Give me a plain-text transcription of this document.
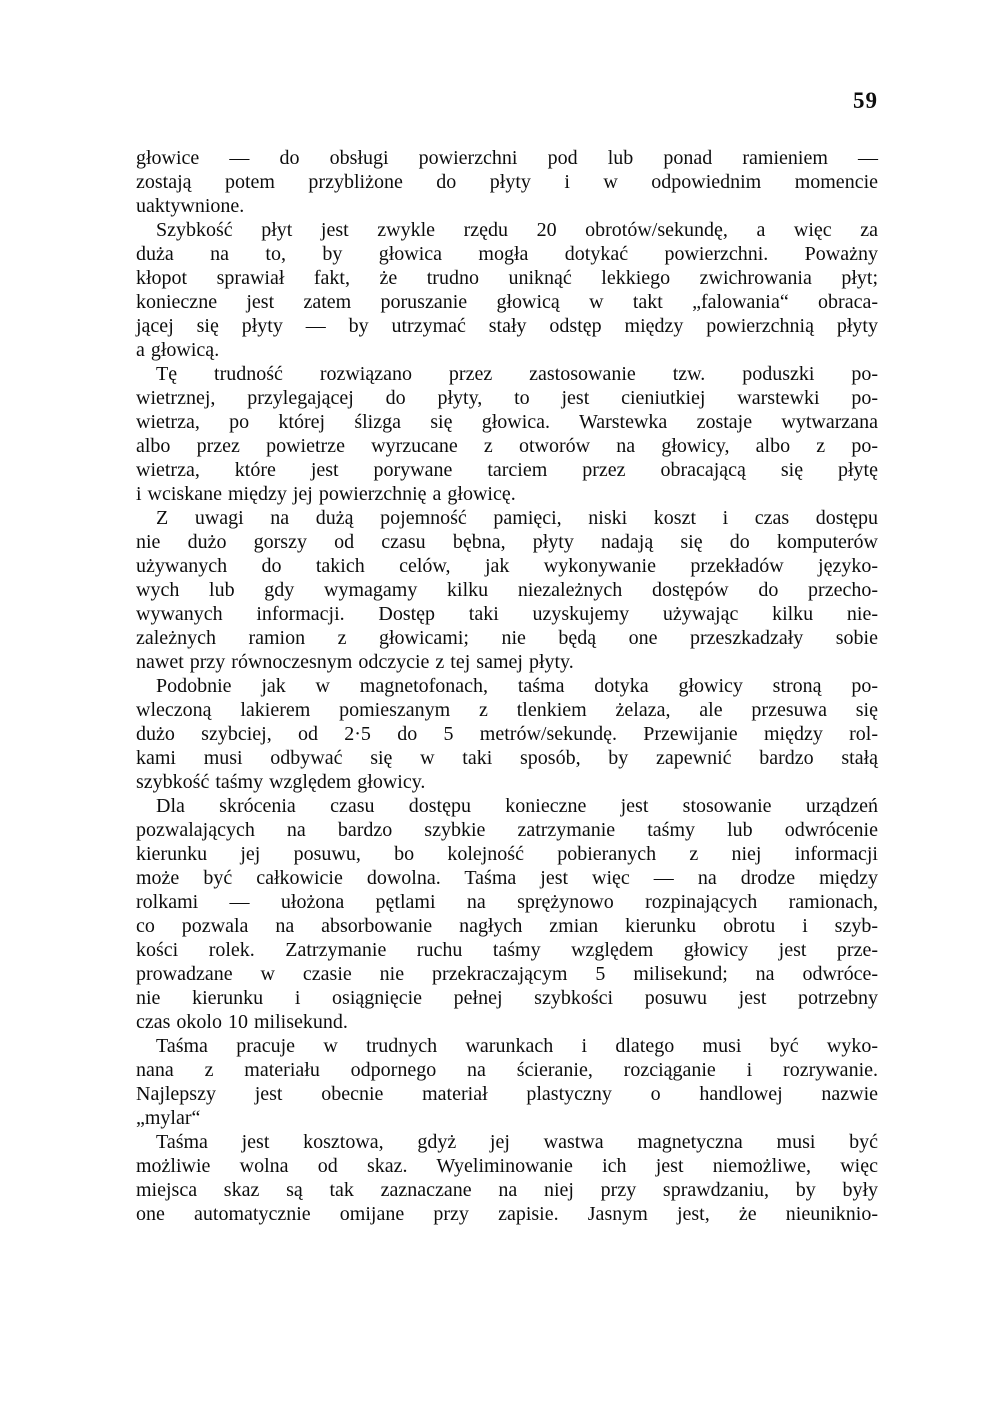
59
głowice — do obsługi powierzchni pod lub ponad ramieniem —
zostają potem przybliżone do płyty i w odpowiednim momencie
uaktywnione.
Szybkość płyt jest zwykle rzędu 20 obrotów/sekundę, a więc za
duża na to, by głowica mogła dotykać powierzchni. Poważny
kłopot sprawiał fakt, że trudno uniknąć lekkiego zwichrowania płyt;
konieczne jest zatem poruszanie głowicą w takt „falowania“ obraca-
jącej się płyty — by utrzymać stały odstęp między powierzchnią płyty
a głowicą.
Tę trudność rozwiązano przez zastosowanie tzw. poduszki po-
wietrznej, przylegającej do płyty, to jest cieniutkiej warstewki po-
wietrza, po której ślizga się głowica. Warstewka zostaje wytwarzana
albo przez powietrze wyrzucane z otworów na głowicy, albo z po-
wietrza, które jest porywane tarciem przez obracającą się płytę
i wciskane między jej powierzchnię a głowicę.
Z uwagi na dużą pojemność pamięci, niski koszt i czas dostępu
nie dużo gorszy od czasu bębna, płyty nadają się do komputerów
używanych do takich celów, jak wykonywanie przekładów języko-
wych lub gdy wymagamy kilku niezależnych dostępów do przecho-
wywanych informacji. Dostęp taki uzyskujemy używając kilku nie-
zależnych ramion z głowicami; nie będą one przeszkadzały sobie
nawet przy równoczesnym odczycie z tej samej płyty.
Podobnie jak w magnetofonach, taśma dotyka głowicy stroną po-
wleczoną lakierem pomieszanym z tlenkiem żelaza, ale przesuwa się
dużo szybciej, od 2·5 do 5 metrów/sekundę. Przewijanie między rol-
kami musi odbywać się w taki sposób, by zapewnić bardzo stałą
szybkość taśmy względem głowicy.
Dla skrócenia czasu dostępu konieczne jest stosowanie urządzeń
pozwalających na bardzo szybkie zatrzymanie taśmy lub odwrócenie
kierunku jej posuwu, bo kolejność pobieranych z niej informacji
może być całkowicie dowolna. Taśma jest więc — na drodze między
rolkami — ułożona pętlami na sprężynowo rozpinających ramionach,
co pozwala na absorbowanie nagłych zmian kierunku obrotu i szyb-
kości rolek. Zatrzymanie ruchu taśmy względem głowicy jest prze-
prowadzane w czasie nie przekraczającym 5 milisekund; na odwróce-
nie kierunku i osiągnięcie pełnej szybkości posuwu jest potrzebny
czas okolo 10 milisekund.
Taśma pracuje w trudnych warunkach i dlatego musi być wyko-
nana z materiału odpornego na ścieranie, rozciąganie i rozrywanie.
Najlepszy jest obecnie materiał plastyczny o handlowej nazwie
„mylar“
Taśma jest kosztowa, gdyż jej wastwa magnetyczna musi być
możliwie wolna od skaz. Wyeliminowanie ich jest niemożliwe, więc
miejsca skaz są tak zaznaczane na niej przy sprawdzaniu, by były
one automatycznie omijane przy zapisie. Jasnym jest, że nieuniknio-
